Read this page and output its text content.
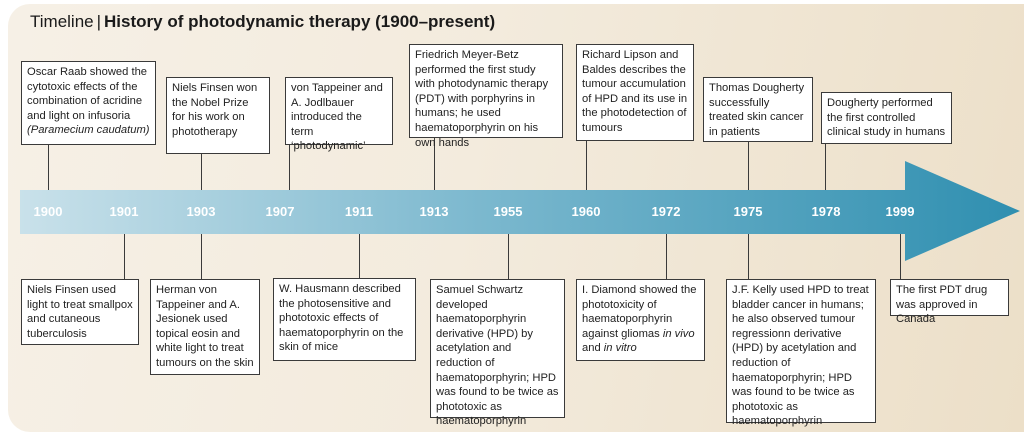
Timeline | History of photodynamic therapy (1900–present)
1900	1901	1903	1907	1911	1913	1955	1960	1972	1975	1978	1999
Oscar Raab showed the cytotoxic effects of the combination of acridine and light on infusoria (Paramecium caudatum)
Niels Finsen won the Nobel Prize for his work on phototherapy
von Tappeiner and A. Jodlbauer introduced the term ‘photodynamic’
Friedrich Meyer-Betz performed the first study with photodynamic therapy (PDT) with porphyrins in humans; he used haematoporphyrin on his own hands
Richard Lipson and Baldes describes the tumour accumulation of HPD and its use in the photodetection of tumours
Thomas Dougherty successfully treated skin cancer in patients
Dougherty performed the first controlled clinical study in humans
Niels Finsen used light to treat smallpox and cutaneous tuberculosis
Herman von Tappeiner and A. Jesionek used topical eosin and white light to treat tumours on the skin
W. Hausmann described the photosensitive and phototoxic effects of haematoporphyrin on the skin of mice
Samuel Schwartz developed haematoporphyrin derivative (HPD) by acetylation and reduction of haematoporphyrin; HPD was found to be twice as phototoxic as haematoporphyrin
I. Diamond showed the phototoxicity of haematoporphyrin against gliomas in vivo and in vitro
J.F. Kelly used HPD to treat bladder cancer in humans; he also observed tumour regressionn derivative (HPD) by acetylation and reduction of haematoporphyrin; HPD was found to be twice as phototoxic as haematoporphyrin
The first PDT drug was approved in Canada
